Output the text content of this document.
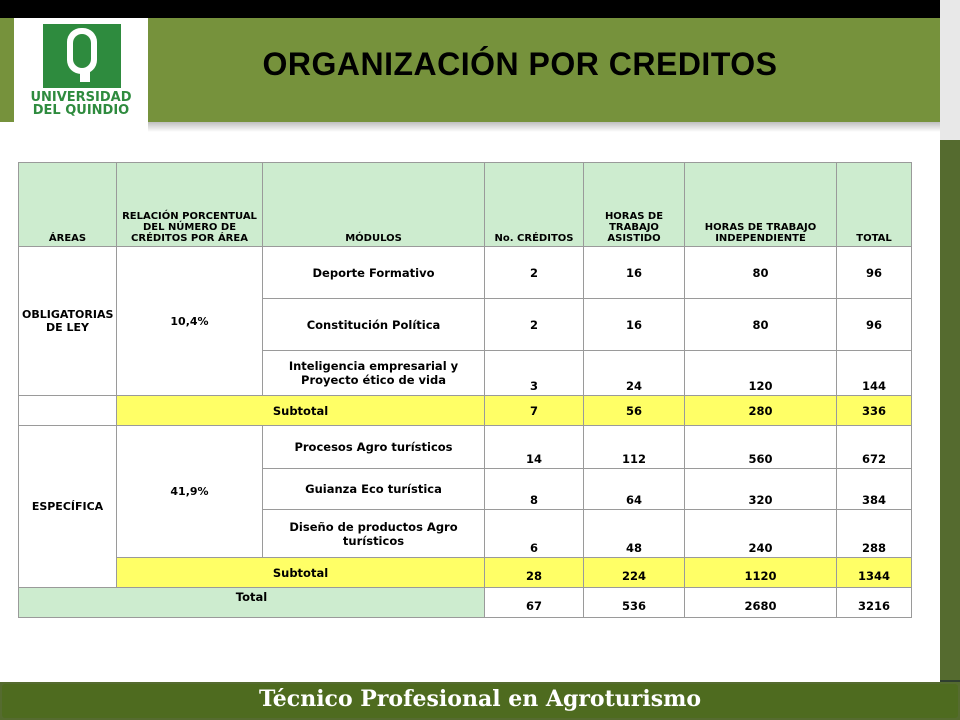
UNIVERSIDAD
DEL QUINDIO
ORGANIZACIÓN POR CREDITOS
ÁREAS	RELACIÓN PORCENTUAL DEL NÚMERO DE CRÉDITOS POR ÁREA	MÓDULOS	No. CRÉDITOS	HORAS DE TRABAJO ASISTIDO	HORAS DE TRABAJO INDEPENDIENTE	TOTAL
OBLIGATORIAS DE LEY	10,4%	Deporte Formativo	2	16	80	96
		Constitución Política	2	16	80	96
		Inteligencia empresarial y Proyecto ético de vida	3	24	120	144
	Subtotal		7	56	280	336
ESPECÍFICA	41,9%	Procesos Agro turísticos	14	112	560	672
		Guianza Eco turística	8	64	320	384
		Diseño de productos Agro turísticos	6	48	240	288
	Subtotal		28	224	1120	1344
Total			67	536	2680	3216
Técnico Profesional en Agroturismo
